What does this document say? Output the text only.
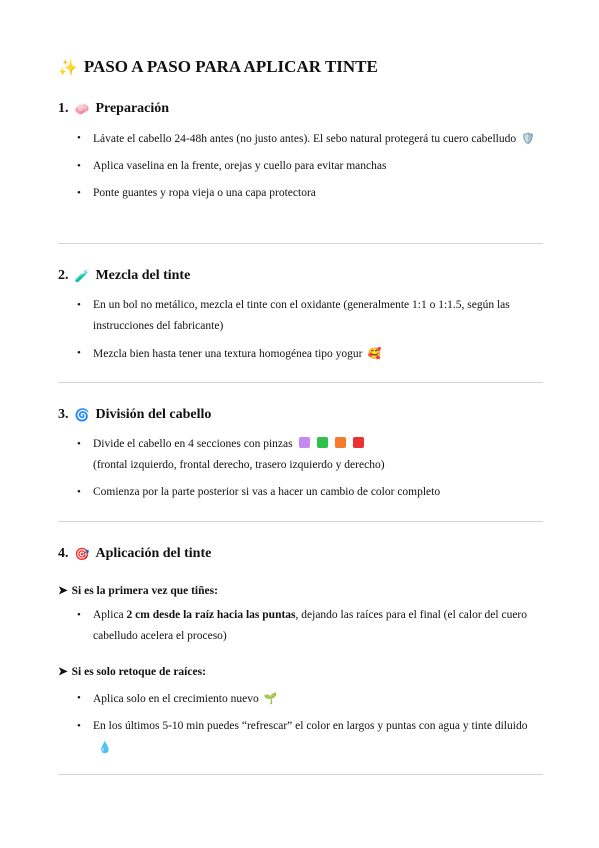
✨ PASO A PASO PARA APLICAR TINTE
1. 🧼 Preparación
• Lávate el cabello 24-48h antes (no justo antes). El sebo natural protegerá tu cuero cabelludo 🛡️
• Aplica vaselina en la frente, orejas y cuello para evitar manchas
• Ponte guantes y ropa vieja o una capa protectora
2. 🧪 Mezcla del tinte
• En un bol no metálico, mezcla el tinte con el oxidante (generalmente 1:1 o 1:1.5, según las instrucciones del fabricante)
• Mezcla bien hasta tener una textura homogénea tipo yogur 🥰
3. 🌀 División del cabello
• Divide el cabello en 4 secciones con pinzas
(frontal izquierdo, frontal derecho, trasero izquierdo y derecho)
• Comienza por la parte posterior si vas a hacer un cambio de color completo
4. 🎯 Aplicación del tinte
➤ Si es la primera vez que tiñes:
• Aplica 2 cm desde la raíz hacia las puntas, dejando las raíces para el final (el calor del cuero cabelludo acelera el proceso)
➤ Si es solo retoque de raíces:
• Aplica solo en el crecimiento nuevo 🌱
• En los últimos 5-10 min puedes “refrescar” el color en largos y puntas con agua y tinte diluido💧
